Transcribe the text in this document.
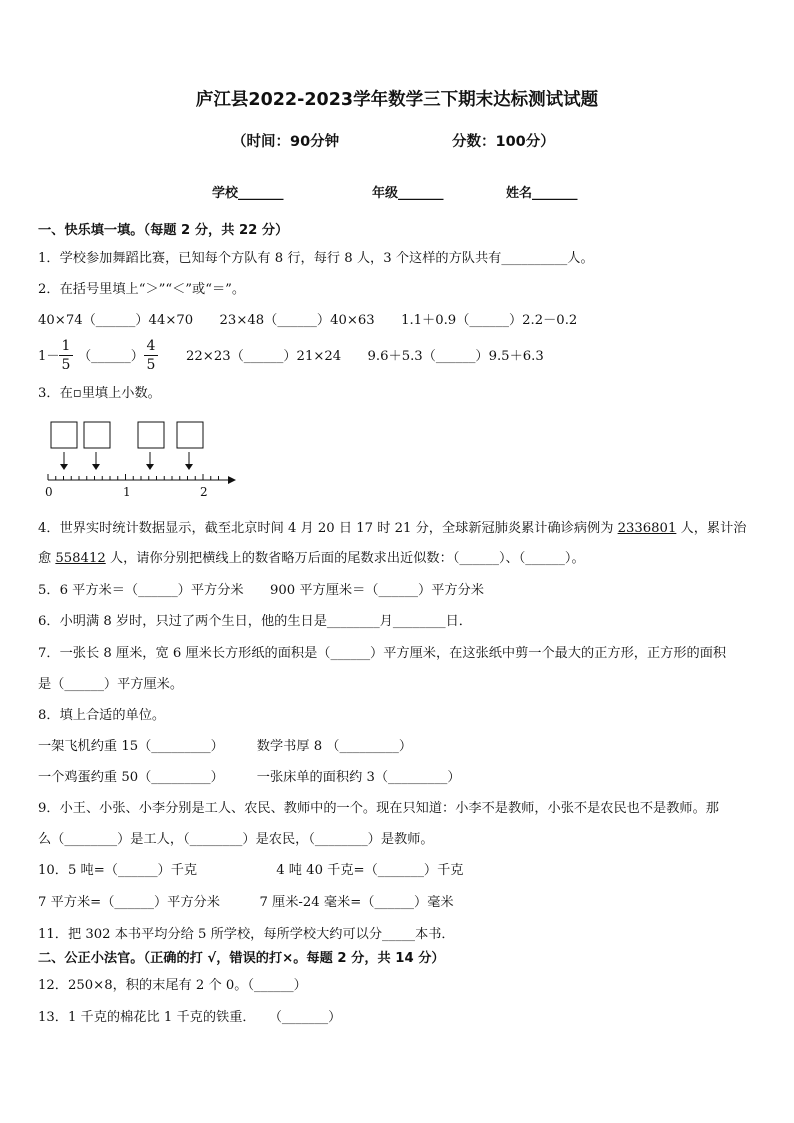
庐江县2022-2023学年数学三下期末达标测试试题
（时间：90分钟	分数：100分）
学校_______	年级_______	姓名_______
一、快乐填一填。（每题 2 分，共 22 分）
1．学校参加舞蹈比赛，已知每个方队有 8 行，每行 8 人，3 个这样的方队共有__________人。
2．在括号里填上“＞”“＜”或“＝”。
40×74（______）44×70　　23×48（______）40×63　　1.1＋0.9（______）2.2－0.2
1－
1
5
（______）
4
5
22×23（______）21×24　　9.6＋5.3（______）9.5＋6.3
3．在▫里填上小数。
0	1	2
4．世界实时统计数据显示，截至北京时间 4 月 20 日 17 时 21 分，全球新冠肺炎累计确诊病例为 2336801 人，累计治
愈 558412 人，请你分别把横线上的数省略万后面的尾数求出近似数：（______）、（______）。
5．6 平方米＝（______）平方分米　　900 平方厘米＝（______）平方分米
6．小明满 8 岁时，只过了两个生日，他的生日是________月________日．
7．一张长 8 厘米，宽 6 厘米长方形纸的面积是（______）平方厘米，在这张纸中剪一个最大的正方形，正方形的面积
是（______）平方厘米。
8．填上合适的单位。
一架飞机约重 15（_________）　　　数学书厚 8 （_________）
一个鸡蛋约重 50（_________）　　　一张床单的面积约 3（_________）
9．小王、小张、小李分别是工人、农民、教师中的一个。现在只知道：小李不是教师，小张不是农民也不是教师。那
么（________）是工人，（________）是农民，（________）是教师。
10．5 吨=（______）千克　　　　　　4 吨 40 千克=（_______）千克
7 平方米=（______）平方分米　　　7 厘米-24 毫米=（______）毫米
11．把 302 本书平均分给 5 所学校，每所学校大约可以分_____本书．
二、公正小法官。（正确的打 √，错误的打×。每题 2 分，共 14 分）
12．250×8，积的末尾有 2 个 0。（______）
13．1 千克的棉花比 1 千克的铁重．　　（_______）
